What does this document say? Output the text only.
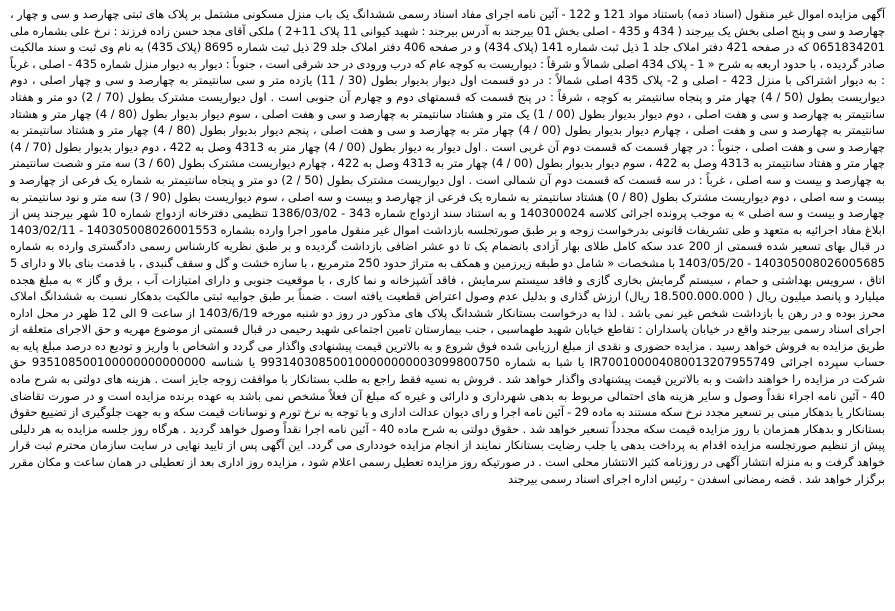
آگهی مزایده اموال غیر منقول (اسناد ذمه) باستناد مواد 121 و 122 - آئین نامه اجرای مفاد اسناد رسمی ششدانگ یک باب منزل مسکونی مشتمل بر پلاک های ثبتی چهارصد و سی و چهار ، چهارصد و سی و پنج اصلی بخش یک بیرجند ( 434 و 435 - اصلی بخش 01 بیرجند به آدرس بیرجند : شهید کیوانی 11 پلاک 11+2 ) ملکی آقای مجد حسن زاده فرزند : نرخ علی بشماره ملی 0651834201 که در صفحه 421 دفتر املاک جلد 1 ذیل ثبت شماره 141 (پلاک 434) و در صفحه 406 دفتر املاک جلد 29 ذیل ثبت شماره 8695 (پلاک 435) به نام وی ثبت و سند مالکیت صادر گردیده ، با حدود اربعه به شرح « 1 - پلاک 434 اصلی شمالاً و شرقاً : دیواریست به کوچه عام که درب ورودی در حد شرقی است ، جنوباً : دیوار به دیوار منزل شماره 435 - اصلی ، غرباً : به دیوار اشتراکی با منزل 423 - اصلی و 2- پلاک 435 اصلی شمالاً : در دو قسمت اول دیوار بدیوار بطول (30 / 11) یازده متر و سی سانتیمتر به چهارصد و سی و چهار اصلی ، دوم دیواریست بطول (50 / 4) چهار متر و پنجاه سانتیمتر به کوچه ، شرقاً : در پنج قسمت که قسمتهای دوم و چهارم آن جنوبی است . اول دیواریست مشترک بطول (70 / 2) دو متر و هفتاد سانتیمتر به چهارصد و سی و هفت اصلی ، دوم دیوار بدیوار بطول (00 / 1) یک متر و هشتاد سانتیمتر به چهارصد و سی و هفت اصلی ، سوم دیوار بدیوار بطول (80 / 4) چهار متر و هشتاد سانتیمتر به چهارصد و سی و هفت اصلی ، چهارم دیوار بدیوار بطول (00 / 4) چهار متر به چهارصد و سی و هفت اصلی ، پنجم دیوار بدیوار بطول (80 / 4) چهار متر و هشتاد سانتیمتر به چهارصد و سی و هفت اصلی ، جنوباً : در چهار قسمت که قسمت دوم آن غربی است . اول دیوار به دیوار بطول (00 / 4) چهار متر به 4313 وصل به 422 ، دوم دیوار بدیوار بطول (70 / 4) چهار متر و هفتاد سانتیمتر به 4313 وصل به 422 ، سوم دیوار بدیوار بطول (00 / 4) چهار متر به 4313 وصل به 422 ، چهارم دیواریست مشترک بطول (60 / 3) سه متر و شصت سانتیمتر به چهارصد و بیست و سه اصلی ، غرباً : در سه قسمت که قسمت دوم آن شمالی است . اول دیواریست مشترک بطول (50 / 2) دو متر و پنجاه سانتیمتر به شماره یک فرعی از چهارصد و بیست و سه اصلی ، دوم دیواریست مشترک بطول (80 / 0) هشتاد سانتیمتر به شماره یک فرعی از چهارصد و بیست و سه اصلی ، سوم دیواریست بطول (90 / 3) سه متر و نود سانتیمتر به چهارصد و بیست و سه اصلی » به موجب پرونده اجرائی کلاسه 140300024 و به استناد سند ازدواج شماره 343 - 1386/03/02 تنظیمی دفترخانه ازدواج شماره 10 شهر بیرجند پس از ابلاغ مفاد اجرائیه به متعهد و طی تشریفات قانونی بدرخواست زوجه و بر طبق صورتجلسه بازداشت اموال غیر منقول مامور اجرا وارده بشماره 140305008026001553 - 1403/02/11 در قبال بهای تسعیر شده قسمتی از 200 عدد سکه کامل طلای بهار آزادی بانضمام یک تا دو عشر اضافی بازداشت گردیده و بر طبق نظریه کارشناس رسمی دادگستری وارده به شماره 140305008026005685 - 1403/05/20 با مشخصات « شامل دو طبقه زیرزمین و همکف به متراژ حدود 250 مترمربع ، با سازه خشت و گل و سقف گنبدی ، با قدمت بنای بالا و دارای 5 اتاق ، سرویس بهداشتی و حمام ، سیستم گرمایش بخاری گازی و فاقد سیستم سرمایش ، فاقد آشپزخانه و نما کاری ، با موقعیت جنوبی و دارای امتیازات آب ، برق و گاز » به مبلغ هجده میلیارد و پانصد میلیون ریال ( 18.500.000.000 ریال) ارزش گذاری و بدلیل عدم وصول اعتراض قطعیت یافته است . ضمناً بر طبق جوابیه ثبتی مالکیت بدهکار نسبت به ششدانگ املاک محرز بوده و در رهن یا بازداشت شخص غیر نمی باشد . لذا به درخواست بستانکار ششدانگ پلاک های مذکور در روز دو شنبه مورخه 1403/6/19 از ساعت 9 الی 12 ظهر در محل اداره اجرای اسناد رسمی بیرجند واقع در خیابان پاسداران : تقاطع خیابان شهید طهماسبی ، جنب بیمارستان تامین اجتماعی شهید رحیمی در قبال قسمتی از موضوع مهریه و حق الاجرای متعلقه از طریق مزایده به فروش خواهد رسید . مزایده حضوری و نقدی از مبلغ ارزیابی شده فوق شروع و به بالاترین قیمت پیشنهادی واگذار می گردد و اشخاص با واریز و تودیع ده درصد مبلغ پایه به حساب سپرده اجرائی IR700100004080013207955749 یا شبا به شماره 993140308500100000000003099800750 یا شناسه 935108500100000000000000 حق شرکت در مزایده را خواهند داشت و به بالاترین قیمت پیشنهادی واگذار خواهد شد . فروش به نسیه فقط راجع به طلب بستانکار با موافقت زوجه جایز است . هزینه های دولتی به شرح ماده 40 - آئین نامه اجراء نقداً وصول و سایر هزینه های احتمالی مربوط به بدهی شهرداری و دارائی و غیره که مبلغ آن فعلاً مشخص نمی باشد به عهده برنده مزایده است و در صورت تقاضای بستانکار یا بدهکار مبنی بر تسعیر مجدد نرخ سکه مستند به ماده 29 - آئین نامه اجرا و رای دیوان عدالت اداری و با توجه به نرخ تورم و نوسانات قیمت سکه و به جهت جلوگیری از تضییع حقوق بستانکار و بدهکار همزمان با روز مزایده قیمت سکه مجدداً تسعیر خواهد شد . حقوق دولتی به شرح ماده 40 - آئین نامه اجرا نقداً وصول خواهد گردید . هرگاه روز جلسه مزایده به هر دلیلی پیش از تنظیم صورتجلسه مزایده اقدام به پرداخت بدهی یا جلب رضایت بستانکار نمایند از انجام مزایده خودداری می گردد. این آگهی پس از تایید نهایی در سایت سازمان محترم ثبت قرار خواهد گرفت و به منزله انتشار آگهی در روزنامه کثیر الانتشار محلی است . در صورتیکه روز مزایده تعطیل رسمی اعلام شود ، مزایده روز اداری بعد از تعطیلی در همان ساعت و مکان مقرر برگزار خواهد شد . قضه رمضانی اسفدن - رئیس اداره اجرای اسناد رسمی بیرجند
